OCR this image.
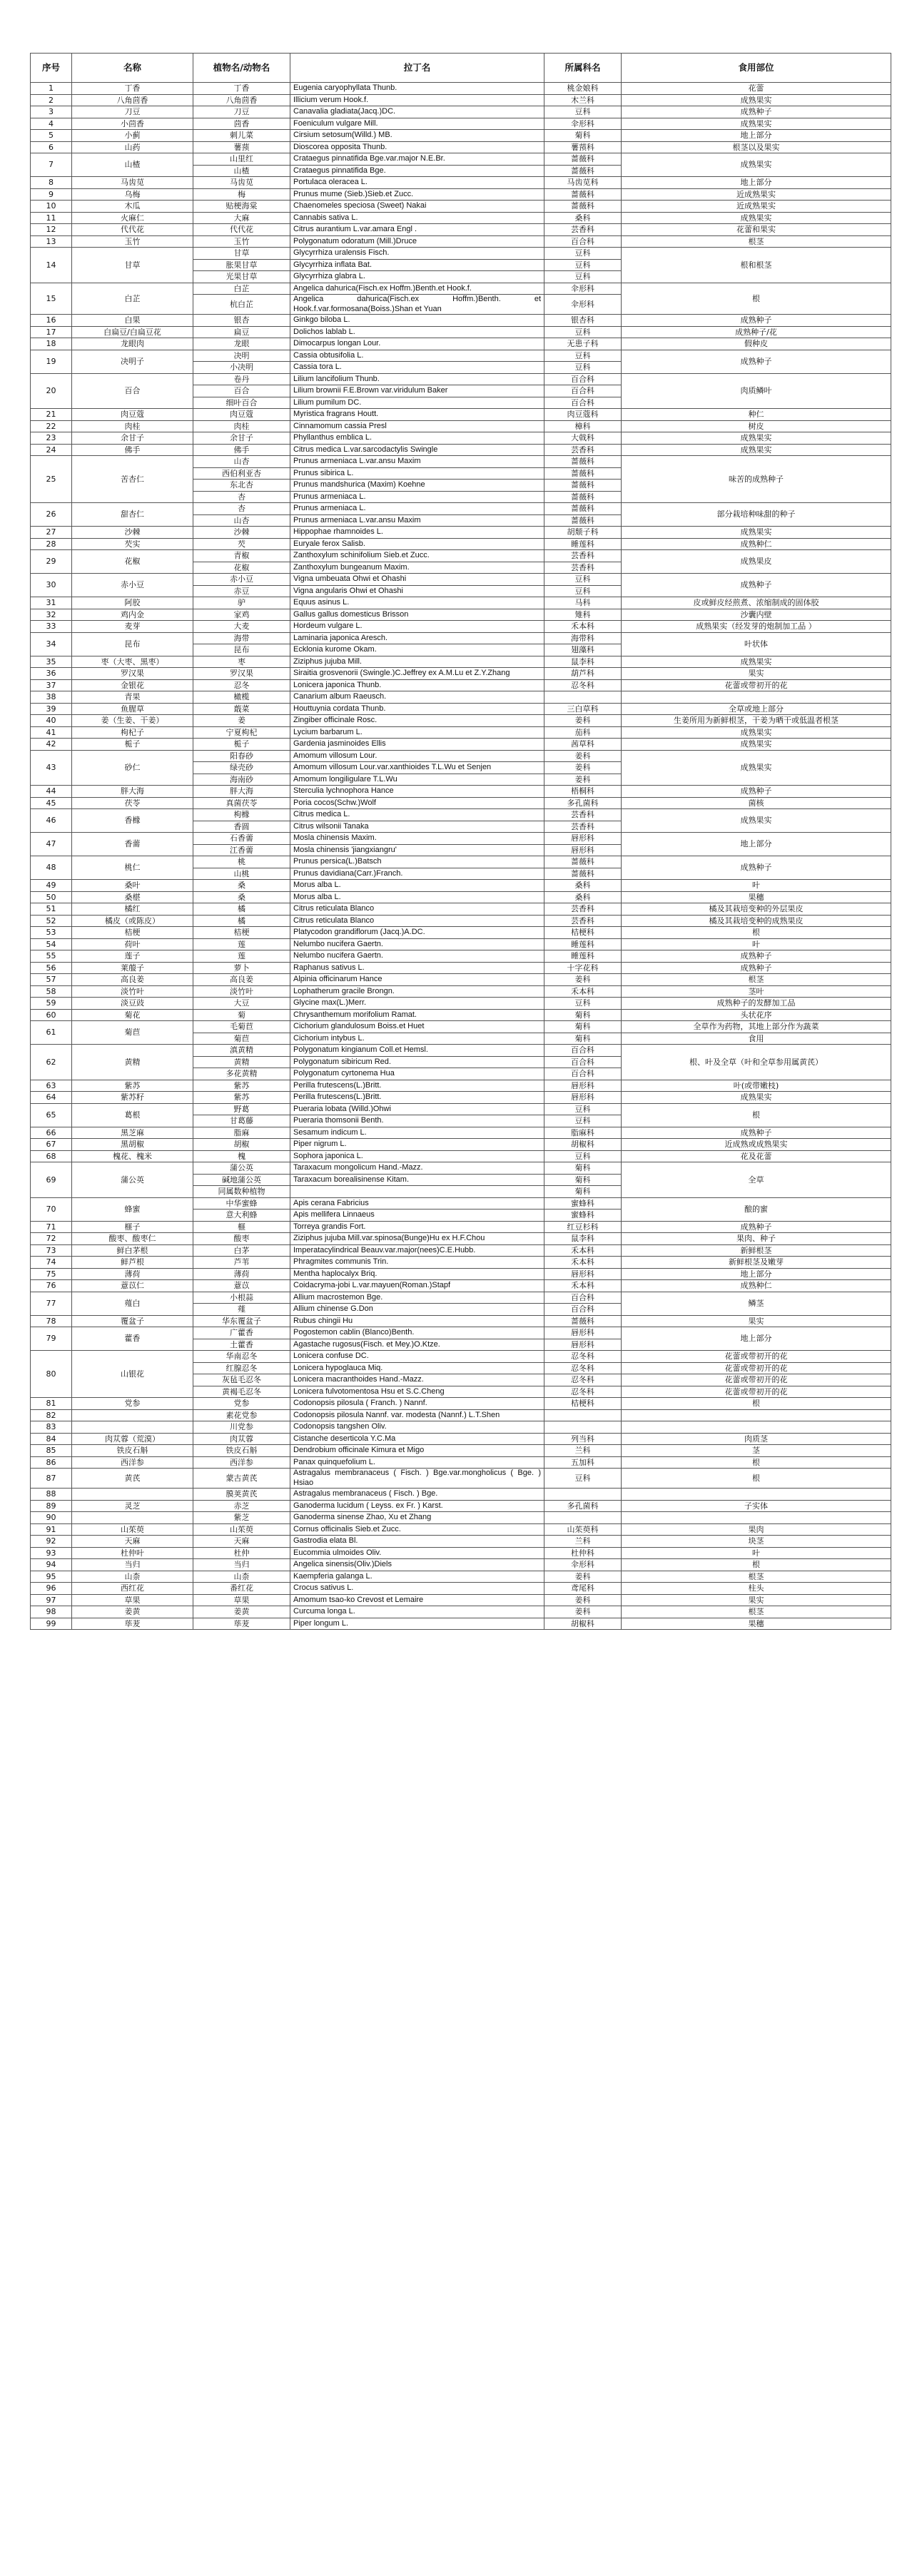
序号	名称	植物名/动物名	拉丁名	所属科名	食用部位
1	丁香	丁香	Eugenia caryophyllata Thunb.	桃金娘科	花蕾
2	八角茴香	八角茴香	Illicium verum Hook.f.	木兰科	成熟果实
3	刀豆	刀豆	Canavalia gladiata(Jacq.)DC.	豆科	成熟种子
4	小茴香	茴香	Foeniculum vulgare Mill.	伞形科	成熟果实
5	小蓟	刺儿菜	Cirsium setosum(Willd.) MB.	菊科	地上部分
6	山药	薯蓣	Dioscorea opposita Thunb.	薯蓣科	根茎以及果实
7	山楂	山里红	Crataegus pinnatifida Bge.var.major N.E.Br.	蔷薇科	成熟果实
		山楂	Crataegus pinnatifida Bge.	蔷薇科	
8	马齿苋	马齿苋	Portulaca oleracea L.	马齿苋科	地上部分
9	乌梅	梅	Prunus mume (Sieb.)Sieb.et Zucc.	蔷薇科	近成熟果实
10	木瓜	贴梗海棠	Chaenomeles speciosa (Sweet) Nakai	蔷薇科	近成熟果实
11	火麻仁	大麻	Cannabis sativa L.	桑科	成熟果实
12	代代花	代代花	Citrus aurantium L.var.amara Engl .	芸香科	花蕾和果实
13	玉竹	玉竹	Polygonatum odoratum (Mill.)Druce	百合科	根茎
14	甘草	甘草	Glycyrrhiza uralensis Fisch.	豆科	根和根茎
		胀果甘草	Glycyrrhiza inflata Bat.	豆科	
		光果甘草	Glycyrrhiza glabra L.	豆科	
15	白芷	白芷	Angelica dahurica(Fisch.ex Hoffm.)Benth.et Hook.f.	伞形科	根
		杭白芷	Angelica dahurica(Fisch.ex Hoffm.)Benth. et Hook.f.var.formosana(Boiss.)Shan et Yuan	伞形科	
16	白果	银杏	Ginkgo biloba L.	银杏科	成熟种子
17	白扁豆/白扁豆花	扁豆	Dolichos lablab L.	豆科	成熟种子/花
18	龙眼肉	龙眼	Dimocarpus longan Lour.	无患子科	假种皮
19	决明子	决明	Cassia obtusifolia L.	豆科	成熟种子
		小决明	Cassia tora L.	豆科	
20	百合	卷丹	Lilium lancifolium Thunb.	百合科	肉质鳞叶
		百合	Lilium brownii F.E.Brown var.viridulum Baker	百合科	
		细叶百合	Lilium pumilum DC.	百合科	
21	肉豆蔻	肉豆蔻	Myristica fragrans Houtt.	肉豆蔻科	种仁
22	肉桂	肉桂	Cinnamomum cassia Presl	樟科	树皮
23	余甘子	余甘子	Phyllanthus emblica L.	大戟科	成熟果实
24	佛手	佛手	Citrus medica L.var.sarcodactylis Swingle	芸香科	成熟果实
25	苦杏仁	山杏	Prunus armeniaca L.var.ansu Maxim	蔷薇科	味苦的成熟种子
		西伯利亚杏	Prunus sibirica L.	蔷薇科	
		东北杏	Prunus mandshurica (Maxim) Koehne	蔷薇科	
		杏	Prunus armeniaca L.	蔷薇科	
26	甜杏仁	杏	Prunus armeniaca L.	蔷薇科	部分栽培种味甜的种子
		山杏	Prunus armeniaca L.var.ansu Maxim	蔷薇科	
27	沙棘	沙棘	Hippophae rhamnoides L.	胡颓子科	成熟果实
28	芡实	芡	Euryale ferox Salisb.	睡莲科	成熟种仁
29	花椒	青椒	Zanthoxylum schinifolium Sieb.et Zucc.	芸香科	成熟果皮
		花椒	Zanthoxylum bungeanum Maxim.	芸香科	
30	赤小豆	赤小豆	Vigna umbeuata Ohwi et Ohashi	豆科	成熟种子
		赤豆	Vigna angularis Ohwi et Ohashi	豆科	
31	阿胶	驴	Equus asinus L.	马科	皮或鲜皮经煎煮、浓缩制成的固体胶
32	鸡内金	家鸡	Gallus gallus domesticus Brisson	雉科	沙囊内壁
33	麦芽	大麦	Hordeum vulgare L.	禾本科	成熟果实（经发芽的炮制加工品 ）
34	昆布	海带	Laminaria japonica Aresch.	海带科	叶状体
		昆布	Ecklonia kurome Okam.	翅藻科	
35	枣（大枣、黑枣）	枣	Ziziphus jujuba Mill.	鼠李科	成熟果实
36	罗汉果	罗汉果	Siraitia grosvenorii (Swingle.)C.Jeffrey ex A.M.Lu et Z.Y.Zhang	葫芦科	果实
37	金银花	忍冬	Lonicera japonica Thunb.	忍冬科	花蕾或带初开的花
38	青果	橄榄	Canarium album Raeusch.		
39	鱼腥草	蕺菜	Houttuynia cordata Thunb.	三白草科	全草或地上部分
40	姜（生姜、干姜）	姜	Zingiber officinale Rosc.	姜科	生姜所用为新鲜根茎，干姜为晒干或低温者根茎
41	枸杞子	宁夏枸杞	Lycium barbarum L.	茄科	成熟果实
42	栀子	栀子	Gardenia jasminoides Ellis	茜草科	成熟果实
43	砂仁	阳春砂	Amomum villosum Lour.	姜科	成熟果实
		绿壳砂	Amomum villosum Lour.var.xanthioides T.L.Wu et Senjen	姜科	
		海南砂	Amomum longiligulare T.L.Wu	姜科	
44	胖大海	胖大海	Sterculia lychnophora Hance	梧桐科	成熟种子
45	茯苓	真菌茯苓	Poria cocos(Schw.)Wolf	多孔菌科	菌核
46	香橼	枸橼	Citrus medica L.	芸香科	成熟果实
		香圆	Citrus wilsonii Tanaka	芸香科	
47	香薷	石香薷	Mosla chinensis Maxim.	唇形科	地上部分
		江香薷	Mosla chinensis 'jiangxiangru'	唇形科	
48	桃仁	桃	Prunus persica(L.)Batsch	蔷薇科	成熟种子
		山桃	Prunus davidiana(Carr.)Franch.	蔷薇科	
49	桑叶	桑	Morus alba L.	桑科	叶
50	桑椹	桑	Morus alba L.	桑科	果穗
51	橘红	橘	Citrus reticulata Blanco	芸香科	橘及其栽培变种的外层果皮
52	橘皮（或陈皮）	橘	Citrus reticulata Blanco	芸香科	橘及其栽培变种的成熟果皮
53	桔梗	桔梗	Platycodon grandiflorum (Jacq.)A.DC.	桔梗科	根
54	荷叶	莲	Nelumbo nucifera Gaertn.	睡莲科	叶
55	莲子	莲	Nelumbo nucifera Gaertn.	睡莲科	成熟种子
56	莱菔子	萝卜	Raphanus sativus L.	十字花科	成熟种子
57	高良姜	高良姜	Alpinia officinarum Hance	姜科	根茎
58	淡竹叶	淡竹叶	Lophatherum gracile Brongn.	禾本科	茎叶
59	淡豆豉	大豆	Glycine max(L.)Merr.	豆科	成熟种子的发酵加工品
60	菊花	菊	Chrysanthemum morifolium Ramat.	菊科	头状花序
61	菊苣	毛菊苣	Cichorium glandulosum Boiss.et Huet	菊科	全草作为药物，其地上部分作为蔬菜
		菊苣	Cichorium intybus L.	菊科	食用
62	黄精	滇黄精	Polygonatum kingianum Coll.et Hemsl.	百合科	根、叶及全草（叶和全草参用属黄芪）
		黄精	Polygonatum sibiricum Red.	百合科	
		多花黄精	Polygonatum cyrtonema Hua	百合科	
63	紫苏	紫苏	Perilla frutescens(L.)Britt.	唇形科	叶(或带嫩枝)
64	紫苏籽	紫苏	Perilla frutescens(L.)Britt.	唇形科	成熟果实
65	葛根	野葛	Pueraria lobata (Willd.)Ohwi	豆科	根
		甘葛藤	Pueraria thomsonii Benth.	豆科	
66	黑芝麻	脂麻	Sesamum indicum L.	脂麻科	成熟种子
67	黑胡椒	胡椒	Piper nigrum L.	胡椒科	近成熟或成熟果实
68	槐花、槐米	槐	Sophora japonica L.	豆科	花及花蕾
69	蒲公英	蒲公英	Taraxacum mongolicum Hand.-Mazz.	菊科	全草
		碱地蒲公英	Taraxacum borealisinense Kitam.	菊科	
		同属数种植物		菊科	
70	蜂蜜	中华蜜蜂	Apis cerana Fabricius	蜜蜂科	酿的蜜
		意大利蜂	Apis mellifera Linnaeus	蜜蜂科	
71	榧子	榧	Torreya grandis Fort.	红豆杉科	成熟种子
72	酸枣、酸枣仁	酸枣	Ziziphus jujuba Mill.var.spinosa(Bunge)Hu ex H.F.Chou	鼠李科	果肉、种子
73	鲜白茅根	白茅	Imperatacylindrical Beauv.var.major(nees)C.E.Hubb.	禾本科	新鲜根茎
74	鲜芦根	芦苇	Phragmites communis Trin.	禾本科	新鲜根茎及嫩芽
75	薄荷	薄荷	Mentha haplocalyx Briq.	唇形科	地上部分
76	薏苡仁	薏苡	Coidacryma-jobi L.var.mayuen(Roman.)Stapf	禾本科	成熟种仁
77	薤白	小根蒜	Allium macrostemon Bge.	百合科	鳞茎
		薤	Allium chinense G.Don	百合科	
78	覆盆子	华东覆盆子	Rubus chingii Hu	蔷薇科	果实
79	藿香	广藿香	Pogostemon cablin (Blanco)Benth.	唇形科	地上部分
		土藿香	Agastache rugosus(Fisch. et Mey.)O.Ktze.	唇形科	
80	山银花	华南忍冬	Lonicera confuse DC.	忍冬科	花蕾或带初开的花
		红腺忍冬	Lonicera hypoglauca Miq.	忍冬科	花蕾或带初开的花
		灰毡毛忍冬	Lonicera macranthoides Hand.-Mazz.	忍冬科	花蕾或带初开的花
		黄褐毛忍冬	Lonicera fulvotomentosa Hsu et S.C.Cheng	忍冬科	花蕾或带初开的花
81	党参	党参	Codonopsis pilosula ( Franch. ) Nannf.	桔梗科	根
82		素花党参	Codonopsis pilosula Nannf. var. modesta (Nannf.) L.T.Shen		
83		川党参	Codonopsis tangshen Oliv.		
84	肉苁蓉（荒漠）	肉苁蓉	Cistanche deserticola Y.C.Ma	列当科	肉质茎
85	铁皮石斛	铁皮石斛	Dendrobium officinale Kimura et Migo	兰科	茎
86	西洋参	西洋参	Panax quinquefolium L.	五加科	根
87	黄芪	蒙古黄芪	Astragalus membranaceus ( Fisch. ) Bge.var.mongholicus ( Bge. ) Hsiao	豆科	根
88		膜荚黄芪	Astragalus membranaceus ( Fisch. ) Bge.		
89	灵芝	赤芝	Ganoderma lucidum ( Leyss. ex Fr. ) Karst.	多孔菌科	子实体
90		紫芝	Ganoderma sinense Zhao, Xu et Zhang		
91	山茱萸	山茱萸	Cornus officinalis Sieb.et Zucc.	山茱萸科	果肉
92	天麻	天麻	Gastrodia elata Bl.	兰科	块茎
93	杜仲叶	杜仲	Eucommia ulmoides Oliv.	杜仲科	叶
94	当归	当归	Angelica sinensis(Oliv.)Diels	伞形科	根
95	山柰	山柰	Kaempferia galanga L.	姜科	根茎
96	西红花	番红花	Crocus sativus L.	鸢尾科	柱头
97	草果	草果	Amomum tsao-ko Crevost et Lemaire	姜科	果实
98	姜黄	姜黄	Curcuma longa L.	姜科	根茎
99	荜茇	荜茇	Piper longum L.	胡椒科	果穗
